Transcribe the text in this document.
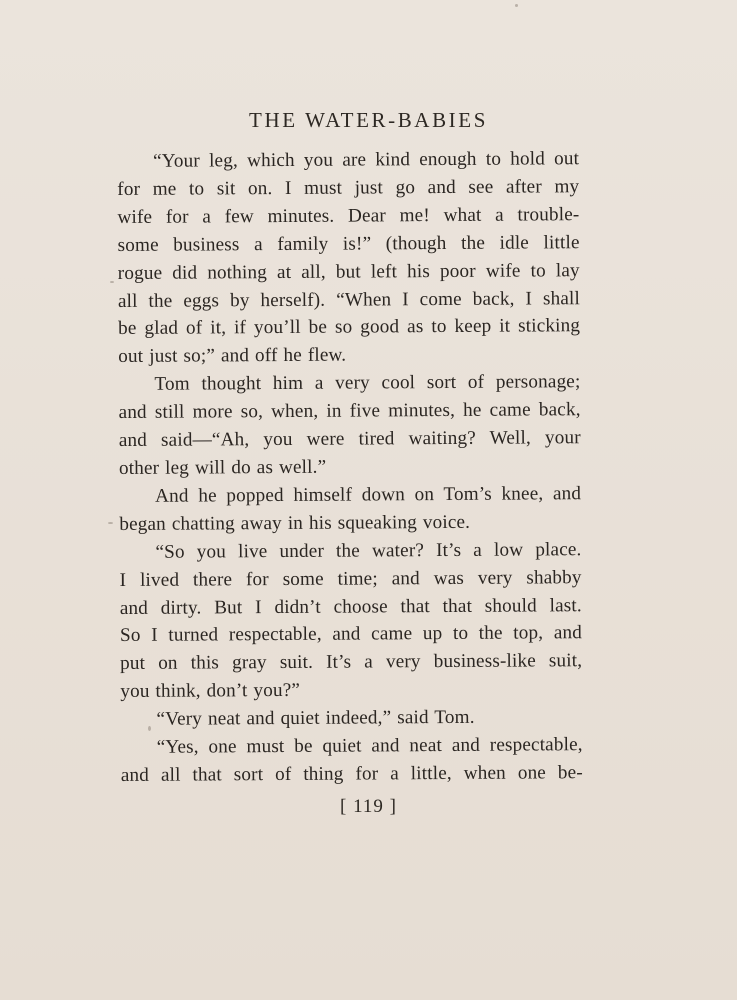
THE WATER-BABIES
“Your leg, which you are kind enough to hold out
for me to sit on. I must just go and see after my
wife for a few minutes. Dear me! what a trouble-
some business a family is!” (though the idle little
rogue did nothing at all, but left his poor wife to lay
all the eggs by herself). “When I come back, I shall
be glad of it, if you’ll be so good as to keep it sticking
out just so;” and off he flew.
Tom thought him a very cool sort of personage;
and still more so, when, in five minutes, he came back,
and said—“Ah, you were tired waiting? Well, your
other leg will do as well.”
And he popped himself down on Tom’s knee, and
began chatting away in his squeaking voice.
“So you live under the water? It’s a low place.
I lived there for some time; and was very shabby
and dirty. But I didn’t choose that that should last.
So I turned respectable, and came up to the top, and
put on this gray suit. It’s a very business-like suit,
you think, don’t you?”
“Very neat and quiet indeed,” said Tom.
“Yes, one must be quiet and neat and respectable,
and all that sort of thing for a little, when one be-
[ 119 ]
